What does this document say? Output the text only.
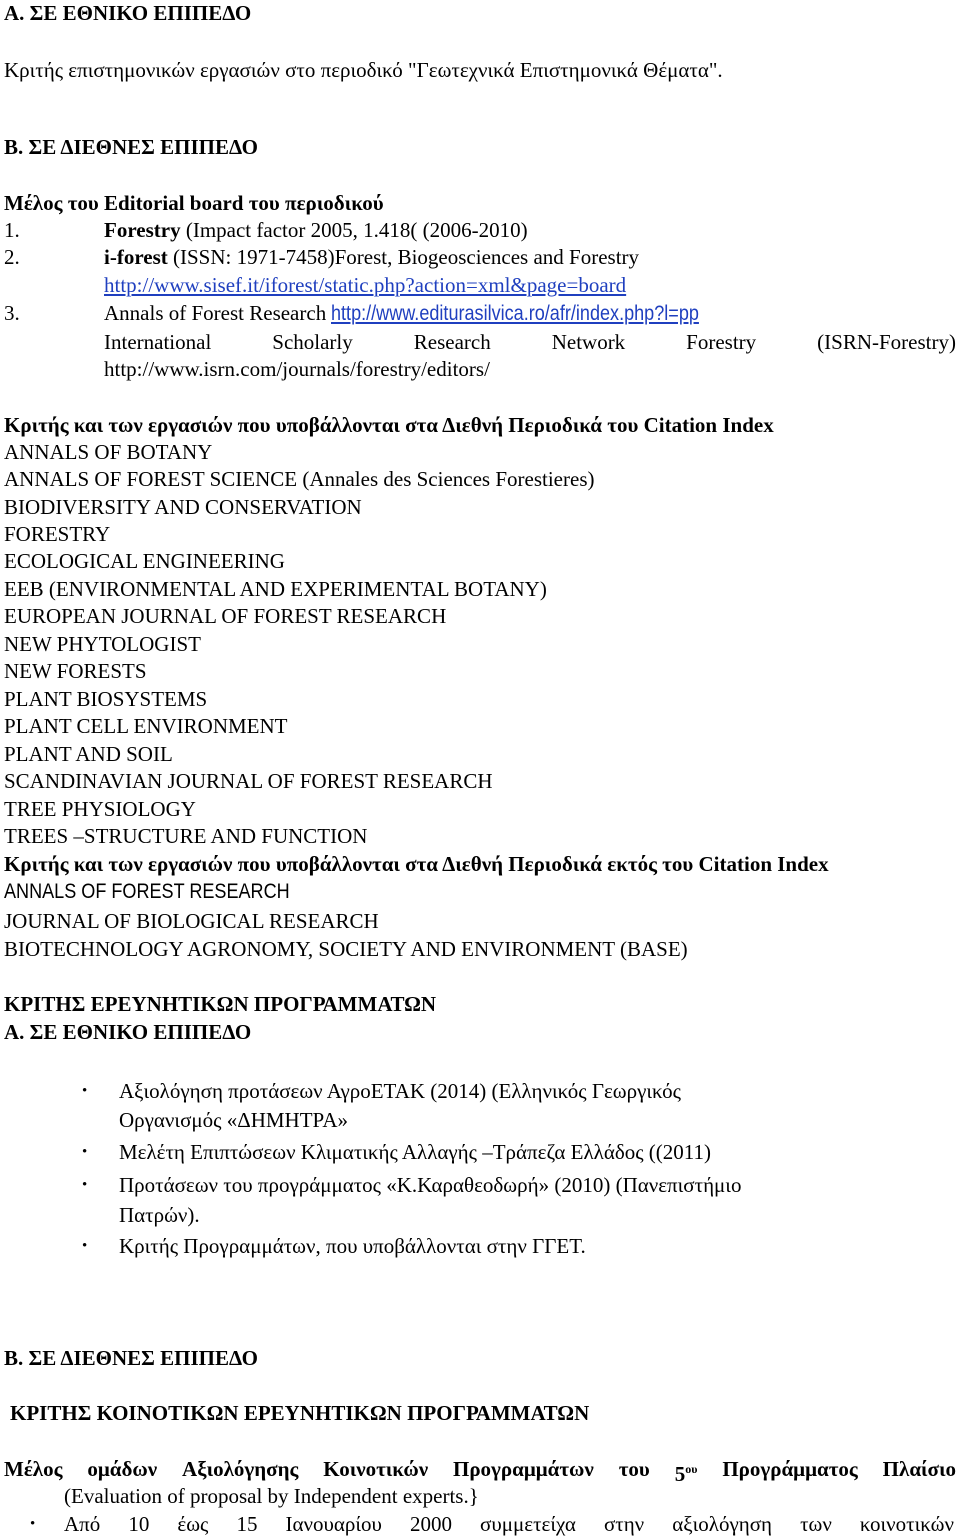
Α. ΣΕ ΕΘΝΙΚΟ ΕΠΙΠΕΔΟ
Κριτής επιστημονικών εργασιών στο περιοδικό "Γεωτεχνικά Επιστημονικά Θέματα".
Β. ΣΕ ΔΙΕΘΝΕΣ ΕΠΙΠΕΔΟ
Μέλος του Editorial board του περιοδικού
1.	Forestry (Impact factor 2005, 1.418( (2006-2010)
2.	i-forest (ISSN: 1971-7458)Forest, Biogeosciences and Forestry
http://www.sisef.it/iforest/static.php?action=xml&page=board
3.	Annals of Forest Research http://www.editurasilvica.ro/afr/index.php?l=pp
International	Scholarly	Research	Network	Forestry	(ISRN-Forestry)
http://www.isrn.com/journals/forestry/editors/
Κριτής και των εργασιών που υποβάλλονται στα Διεθνή Περιοδικά του Citation Index
ANNALS OF BOTANY
ANNALS OF FOREST SCIENCE (Annales des Sciences Forestieres)
BIODIVERSITY AND CONSERVATION
FORESTRY
ECOLOGICAL ENGINEERING
EEB (ENVIRONMENTAL AND EXPERIMENTAL BOTANY)
EUROPEAN JOURNAL OF FOREST RESEARCH
NEW PHYTOLOGIST
NEW FORESTS
PLANT BIOSYSTEMS
PLANT CELL ENVIRONMENT
PLANT AND SOIL
SCANDINAVIAN JOURNAL OF FOREST RESEARCH
TREE PHYSIOLOGY
TREES –STRUCTURE AND FUNCTION
Κριτής και των εργασιών που υποβάλλονται στα Διεθνή Περιοδικά εκτός του Citation Index
ANNALS OF FOREST RESEARCH
JOURNAL OF BIOLOGICAL RESEARCH
BIOTECHNOLOGY AGRONOMY, SOCIETY AND ENVIRONMENT (BASE)
ΚΡΙΤΗΣ ΕΡΕΥΝΗΤΙΚΩΝ ΠΡΟΓΡΑΜΜΑΤΩΝ
Α. ΣΕ ΕΘΝΙΚΟ ΕΠΙΠΕΔΟ
• Αξιολόγηση προτάσεων ΑγροΕΤΑΚ (2014) (Ελληνικός Γεωργικός
Οργανισμός «ΔΗΜΗΤΡΑ»
• Μελέτη Επιπτώσεων Κλιματικής Αλλαγής –Τράπεζα Ελλάδος ((2011)
• Προτάσεων του προγράμματος «Κ.Καραθεοδωρή» (2010) (Πανεπιστήμιο
Πατρών).
• Κριτής Προγραμμάτων, που υποβάλλονται στην ΓΓΕΤ.
Β. ΣΕ ΔΙΕΘΝΕΣ ΕΠΙΠΕΔΟ
ΚΡΙΤΗΣ ΚΟΙΝΟΤΙΚΩΝ ΕΡΕΥΝΗΤΙΚΩΝ ΠΡΟΓΡΑΜΜΑΤΩΝ
Μέλος ομάδων Αξιολόγησης Κοινοτικών Προγραμμάτων του $5^{o\upsilon}$ Προγράμματος Πλαίσιο
(Evaluation of proposal by Independent experts.}
• Από 10 έως 15 Ιανουαρίου 2000 συμμετείχα στην αξιολόγηση των κοινοτικών
